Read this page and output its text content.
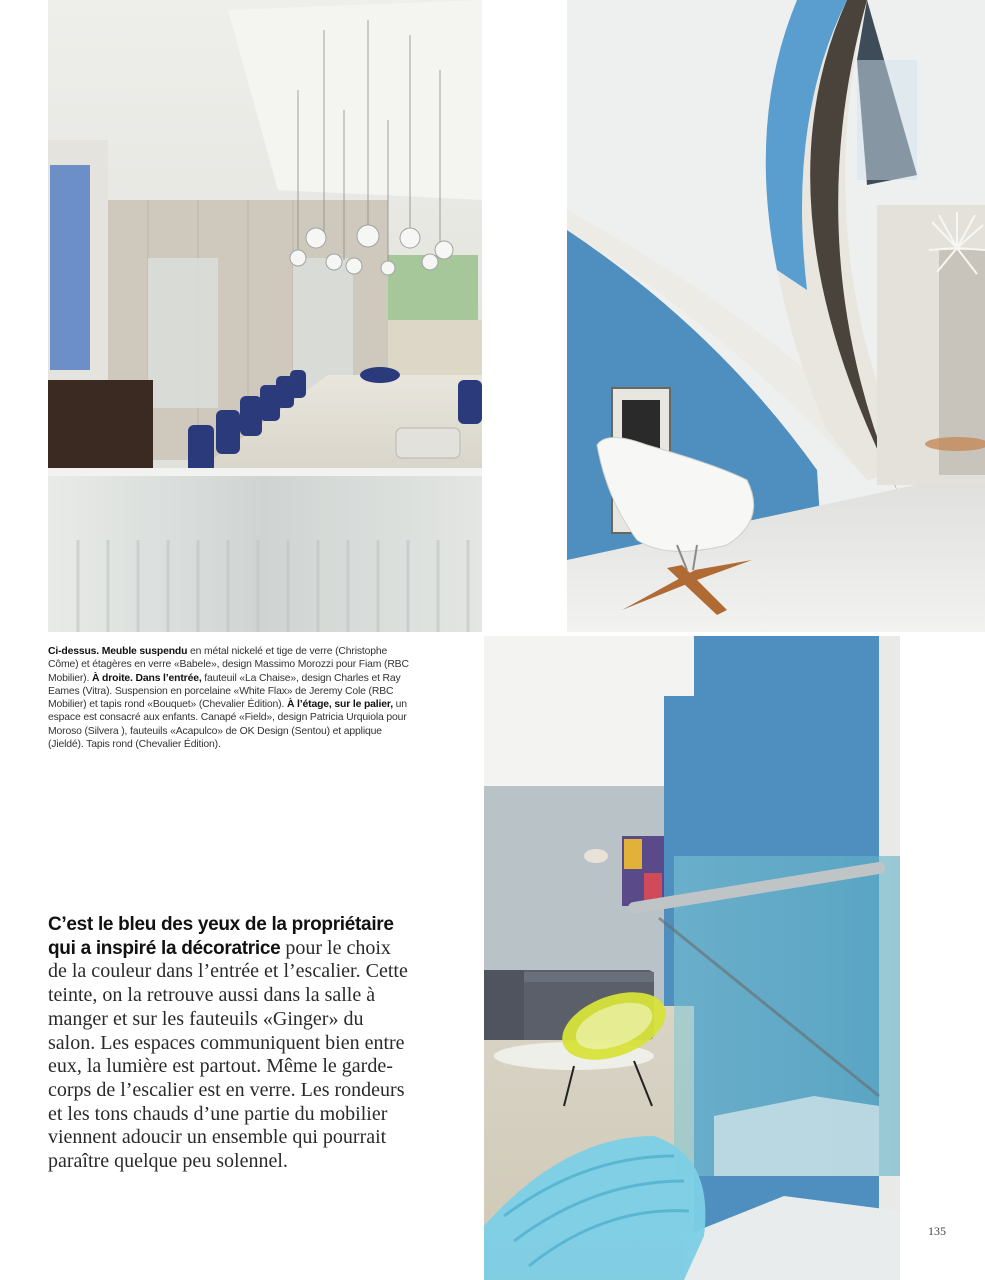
Ci-dessus. Meuble suspendu en métal nickelé et tige de verre (Christophe Côme) et étagères en verre «Babele», design Massimo Morozzi pour Fiam (RBC Mobilier). À droite. Dans l’entrée, fauteuil «La Chaise», design Charles et Ray Eames (Vitra). Suspension en porcelaine «White Flax» de Jeremy Cole (RBC Mobilier) et tapis rond «Bouquet» (Chevalier Édition). À l’étage, sur le palier, un espace est consacré aux enfants. Canapé «Field», design Patricia Urquiola pour Moroso (Silvera ), fauteuils «Acapulco» de OK Design (Sentou) et applique (Jieldé). Tapis rond (Chevalier Édition).
C’est le bleu des yeux de la propriétaire qui a inspiré la décoratrice pour le choix de la couleur dans l’entrée et l’escalier. Cette teinte, on la retrouve aussi dans la salle à manger et sur les fauteuils «Ginger» du salon. Les espaces communiquent bien entre eux, la lumière est partout. Même le garde-corps de l’escalier est en verre. Les rondeurs et les tons chauds d’une partie du mobilier viennent adoucir un ensemble qui pourrait paraître quelque peu solennel.
135
